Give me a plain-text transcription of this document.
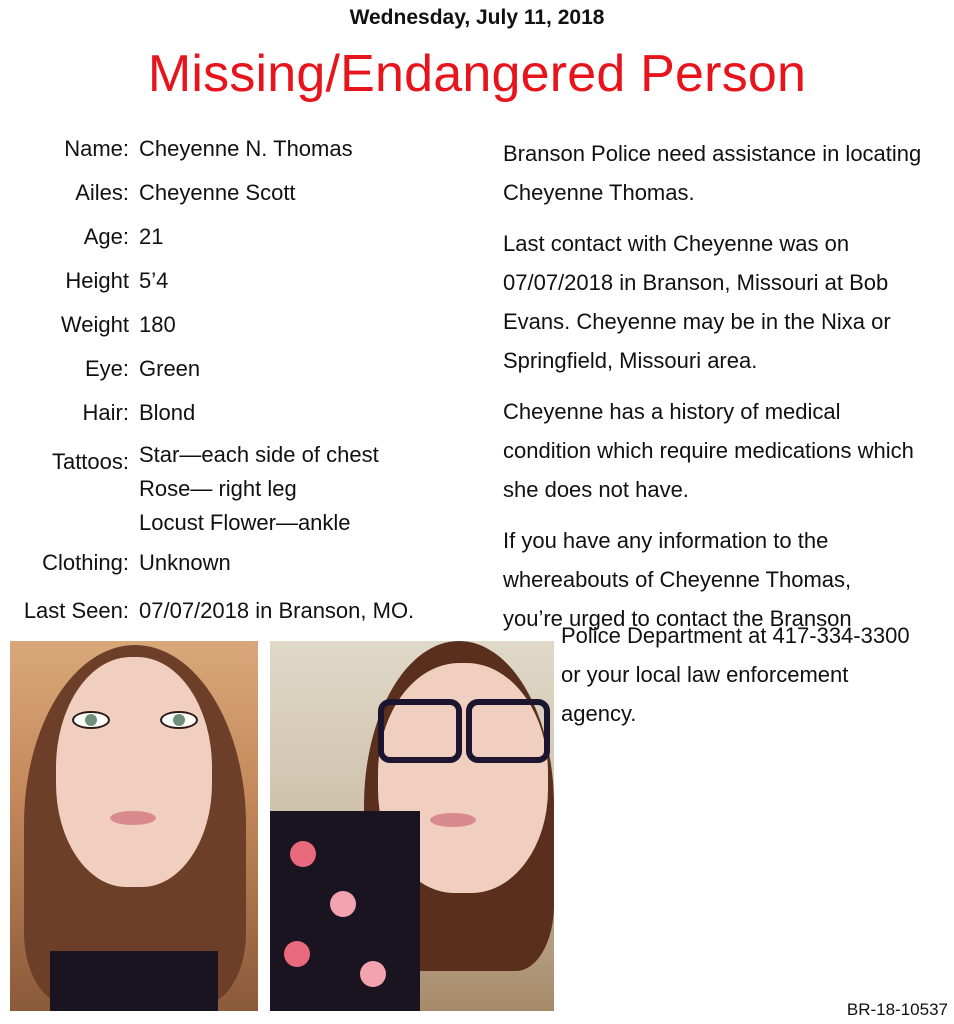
Wednesday, July 11, 2018
Missing/Endangered Person
Name: Cheyenne N. Thomas
Ailes: Cheyenne Scott
Age: 21
Height 5’4
Weight 180
Eye: Green
Hair: Blond
Tattoos: Star—each side of chest
Rose— right leg
Locust Flower—ankle
Clothing: Unknown
Last Seen: 07/07/2018 in Branson, MO.

Branson Police need assistance in locating Cheyenne Thomas.

Last contact with Cheyenne was on 07/07/2018 in Branson, Missouri at Bob Evans. Cheyenne may be in the Nixa or Springfield, Missouri area.

Cheyenne has a history of medical condition which require medications which she does not have.

If you have any information to the whereabouts of Cheyenne Thomas, you’re urged to contact the Branson

Police Department at 417-334-3300 or your local law enforcement agency.
BR-18-10537
